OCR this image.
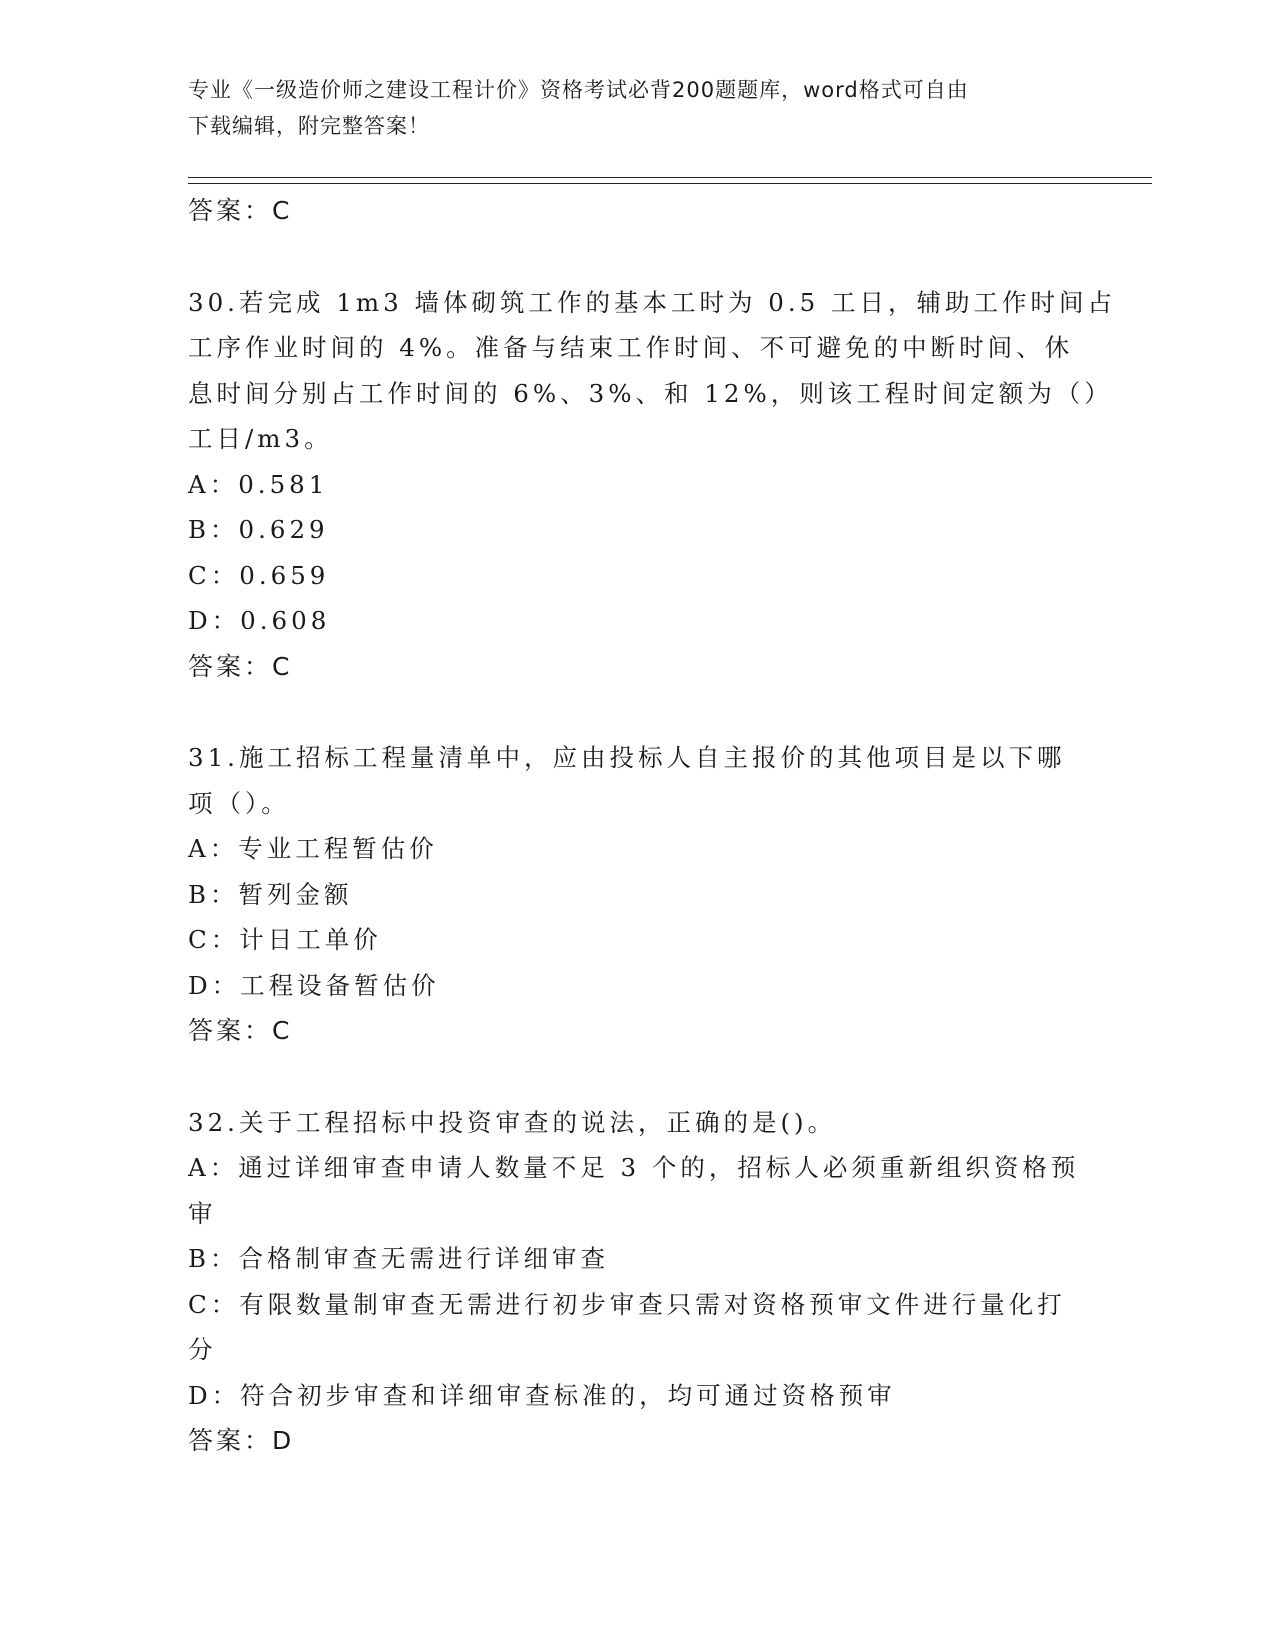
专业《一级造价师之建设工程计价》资格考试必背200题题库，word格式可自由
下载编辑，附完整答案！
答案：C
30.若完成 1m3 墙体砌筑工作的基本工时为 0.5 工日，辅助工作时间占
工序作业时间的 4%。准备与结束工作时间、不可避免的中断时间、休
息时间分别占工作时间的 6%、3%、和 12%，则该工程时间定额为（）
工日/m3。
A：0.581
B：0.629
C：0.659
D：0.608
答案：C
31.施工招标工程量清单中，应由投标人自主报价的其他项目是以下哪
项（）。
A：专业工程暂估价
B：暂列金额
C：计日工单价
D：工程设备暂估价
答案：C
32.关于工程招标中投资审查的说法，正确的是()。
A：通过详细审查申请人数量不足 3 个的，招标人必须重新组织资格预
审
B：合格制审查无需进行详细审查
C：有限数量制审查无需进行初步审查只需对资格预审文件进行量化打
分
D：符合初步审查和详细审查标准的，均可通过资格预审
答案：D
